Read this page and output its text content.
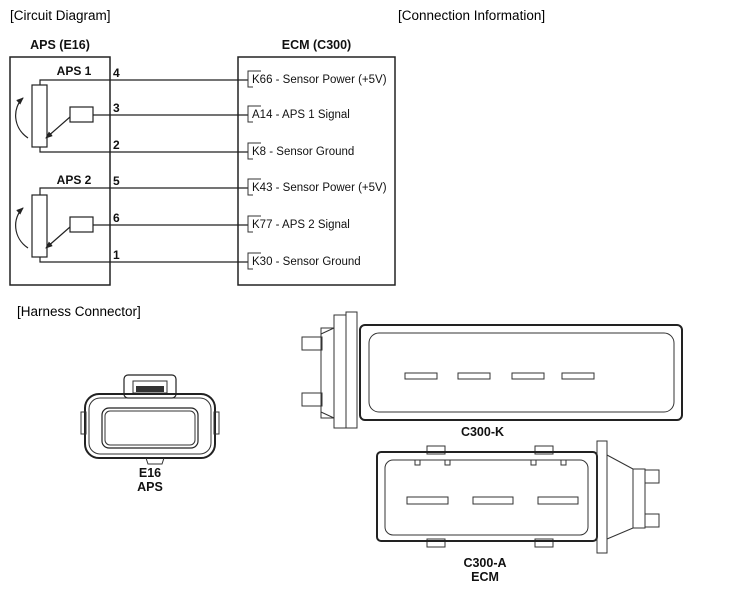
[Circuit Diagram]	[Connection Information]
[Harness Connector]
APS (E16)	ECM (C300)
APS 1
APS 2
4
3
2
5
6
1
K66 - Sensor Power (+5V)
A14 - APS 1 Signal
K8 - Sensor Ground
K43 - Sensor Power (+5V)
K77 - APS 2 Signal
K30 - Sensor Ground
E16
APS
C300-K
C300-A
ECM
